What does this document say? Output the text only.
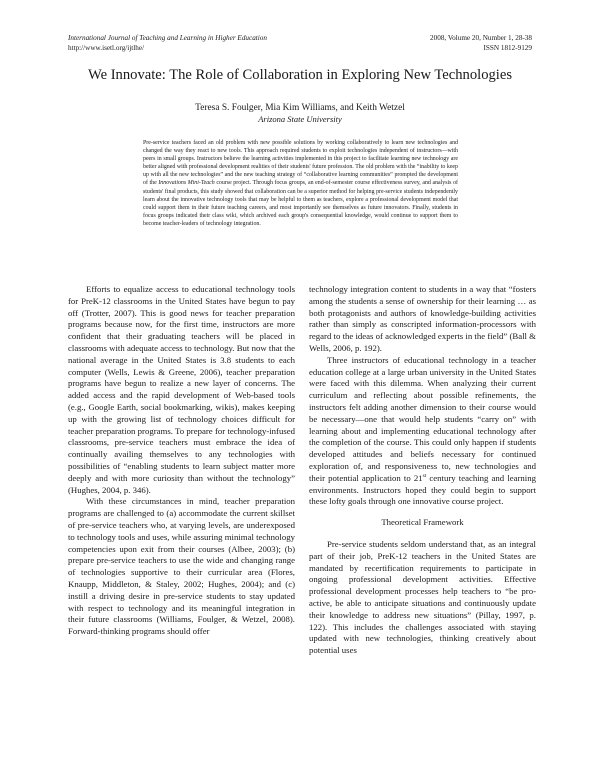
International Journal of Teaching and Learning in Higher Education	2008, Volume 20, Number 1, 28-38
http://www.isetl.org/ijtlhe/	ISSN 1812-9129
We Innovate: The Role of Collaboration in Exploring New Technologies
Teresa S. Foulger, Mia Kim Williams, and Keith Wetzel
Arizona State University

Pre-service teachers faced an old problem with new possible solutions by working collaboratively to learn new technologies and changed the way they react to new tools. This approach required students to exploit technologies independent of instructors—with peers in small groups. Instructors believe the learning activities implemented in this project to facilitate learning new technology are better aligned with professional development realities of their students' future profession. The old problem with the “inability to keep up with all the new technologies” and the new teaching strategy of “collaborative learning communities” prompted the development of the Innovations Mini-Teach course project. Through focus groups, an end-of-semester course effectiveness survey, and analysis of students' final products, this study showed that collaboration can be a superior method for helping pre-service students independently learn about the innovative technology tools that may be helpful to them as teachers, explore a professional development model that could support them in their future teaching careers, and most importantly see themselves as future innovators. Finally, students in focus groups indicated their class wiki, which archived each group's consequential knowledge, would continue to support them to become teacher-leaders of technology integration.

Efforts to equalize access to educational technology tools for PreK-12 classrooms in the United States have begun to pay off (Trotter, 2007). This is good news for teacher preparation programs because now, for the first time, instructors are more confident that their graduating teachers will be placed in classrooms with adequate access to technology. But now that the national average in the United States is 3.8 students to each computer (Wells, Lewis & Greene, 2006), teacher preparation programs have begun to realize a new layer of concerns. The added access and the rapid development of Web-based tools (e.g., Google Earth, social bookmarking, wikis), makes keeping up with the growing list of technology choices difficult for teacher preparation programs. To prepare for technology-infused classrooms, pre-service teachers must embrace the idea of continually availing themselves to any technologies with possibilities of “enabling students to learn subject matter more deeply and with more curiosity than without the technology” (Hughes, 2004, p. 346).

With these circumstances in mind, teacher preparation programs are challenged to (a) accommodate the current skillset of pre-service teachers who, at varying levels, are underexposed to technology tools and uses, while assuring minimal technology competencies upon exit from their courses (Albee, 2003); (b) prepare pre-service teachers to use the wide and changing range of technologies supportive to their curricular area (Flores, Knaupp, Middleton, & Staley, 2002; Hughes, 2004); and (c) instill a driving desire in pre-service students to stay updated with respect to technology and its meaningful integration in their future classrooms (Williams, Foulger, & Wetzel, 2008). Forward-thinking programs should offer

technology integration content to students in a way that “fosters among the students a sense of ownership for their learning … as both protagonists and authors of knowledge-building activities rather than simply as conscripted information-processors with regard to the ideas of acknowledged experts in the field” (Ball & Wells, 2006, p. 192).

Three instructors of educational technology in a teacher education college at a large urban university in the United States were faced with this dilemma. When analyzing their current curriculum and reflecting about possible refinements, the instructors felt adding another dimension to their course would be necessary—one that would help students “carry on” with learning about and implementing educational technology after the completion of the course. This could only happen if students developed attitudes and beliefs necessary for continued exploration of, and responsiveness to, new technologies and their potential application to 21st century teaching and learning environments. Instructors hoped they could begin to support these lofty goals through one innovative course project.

Theoretical Framework

Pre-service students seldom understand that, as an integral part of their job, PreK-12 teachers in the United States are mandated by recertification requirements to participate in ongoing professional development activities. Effective professional development processes help teachers to “be pro-active, be able to anticipate situations and continuously update their knowledge to address new situations” (Pillay, 1997, p. 122). This includes the challenges associated with staying updated with new technologies, thinking creatively about potential uses
